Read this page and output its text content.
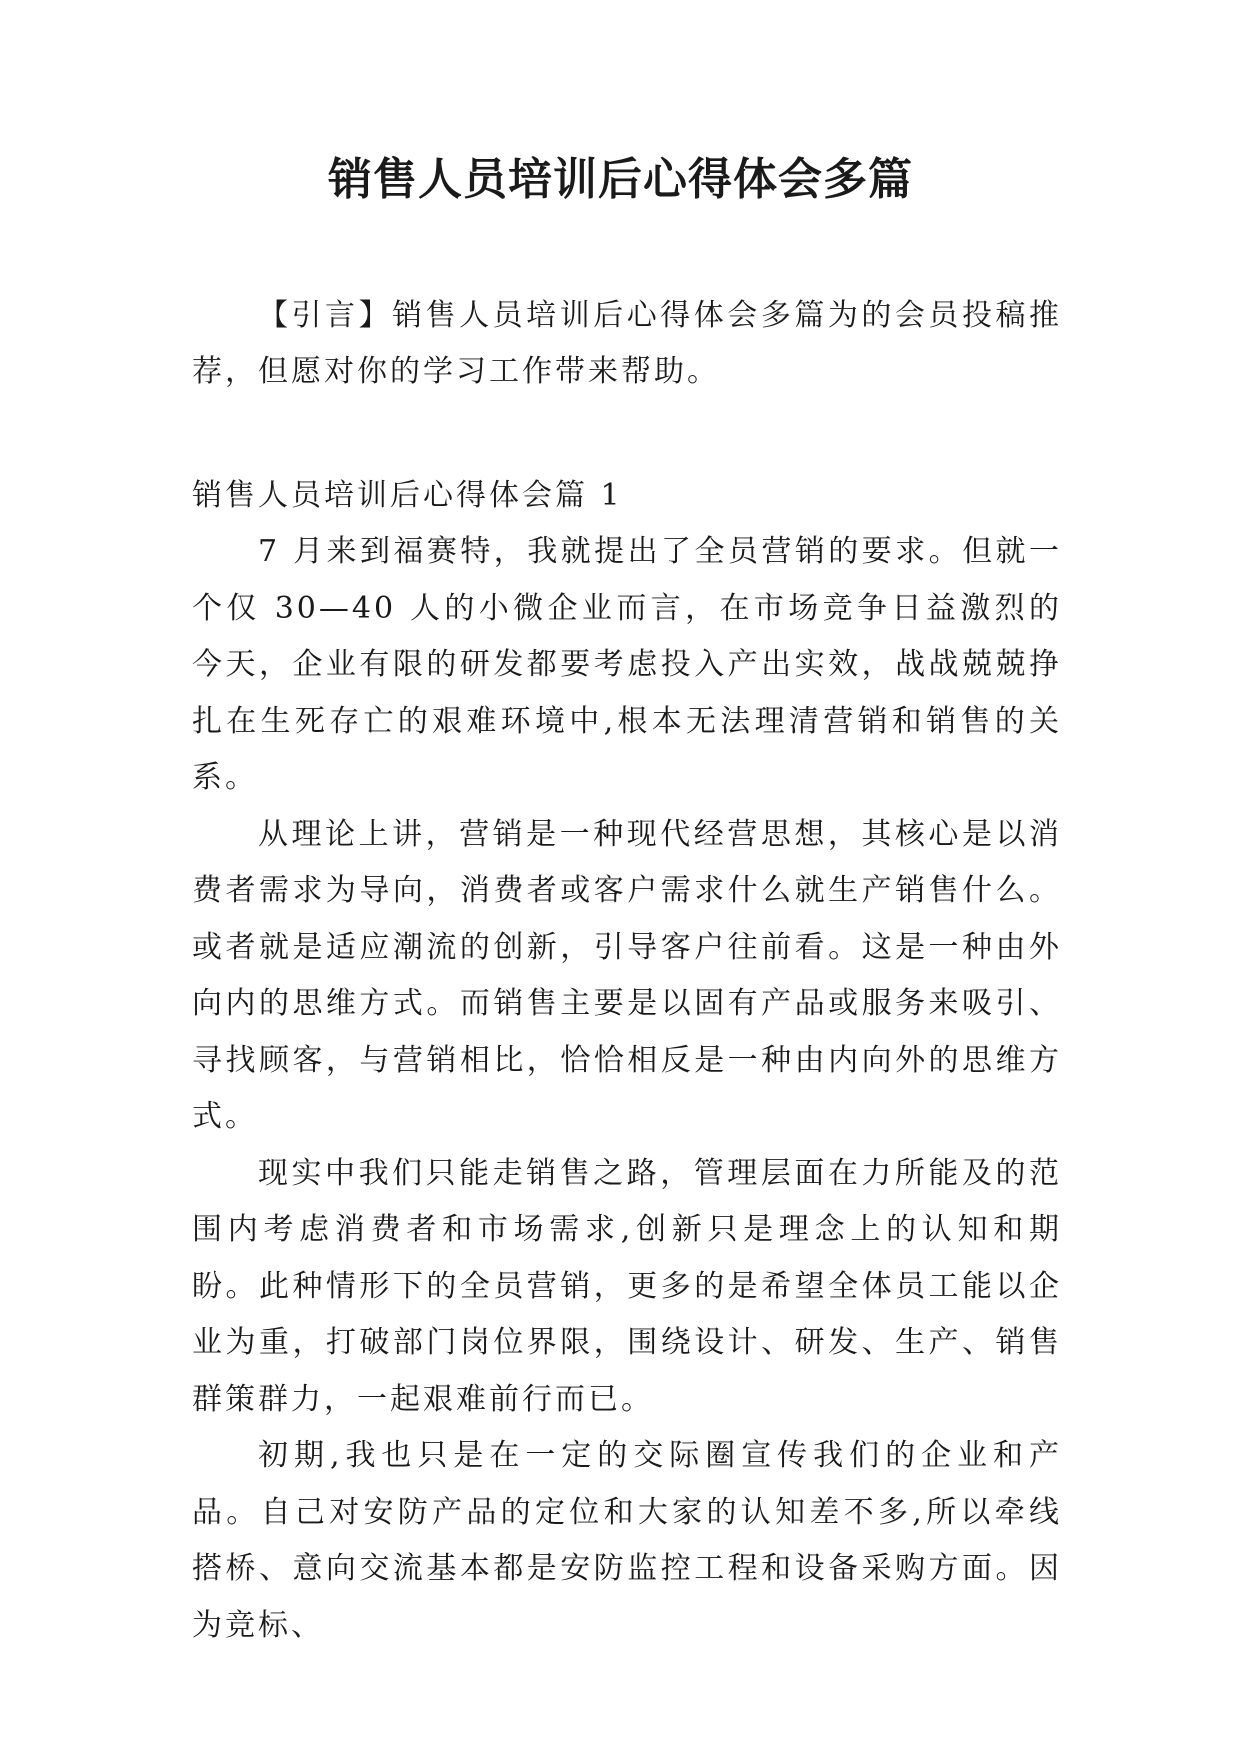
销售人员培训后心得体会多篇

【引言】销售人员培训后心得体会多篇为的会员投稿推荐，但愿对你的学习工作带来帮助。

销售人员培训后心得体会篇 1

7 月来到福赛特，我就提出了全员营销的要求。但就一个仅 30—40 人的小微企业而言，在市场竞争日益激烈的今天，企业有限的研发都要考虑投入产出实效，战战兢兢挣扎在生死存亡的艰难环境中,根本无法理清营销和销售的关系。

从理论上讲，营销是一种现代经营思想，其核心是以消费者需求为导向，消费者或客户需求什么就生产销售什么。或者就是适应潮流的创新，引导客户往前看。这是一种由外向内的思维方式。而销售主要是以固有产品或服务来吸引、寻找顾客，与营销相比，恰恰相反是一种由内向外的思维方式。

现实中我们只能走销售之路，管理层面在力所能及的范围内考虑消费者和市场需求,创新只是理念上的认知和期盼。此种情形下的全员营销，更多的是希望全体员工能以企业为重，打破部门岗位界限，围绕设计、研发、生产、销售群策群力，一起艰难前行而已。

初期,我也只是在一定的交际圈宣传我们的企业和产品。自己对安防产品的定位和大家的认知差不多,所以牵线搭桥、意向交流基本都是安防监控工程和设备采购方面。因为竞标、
